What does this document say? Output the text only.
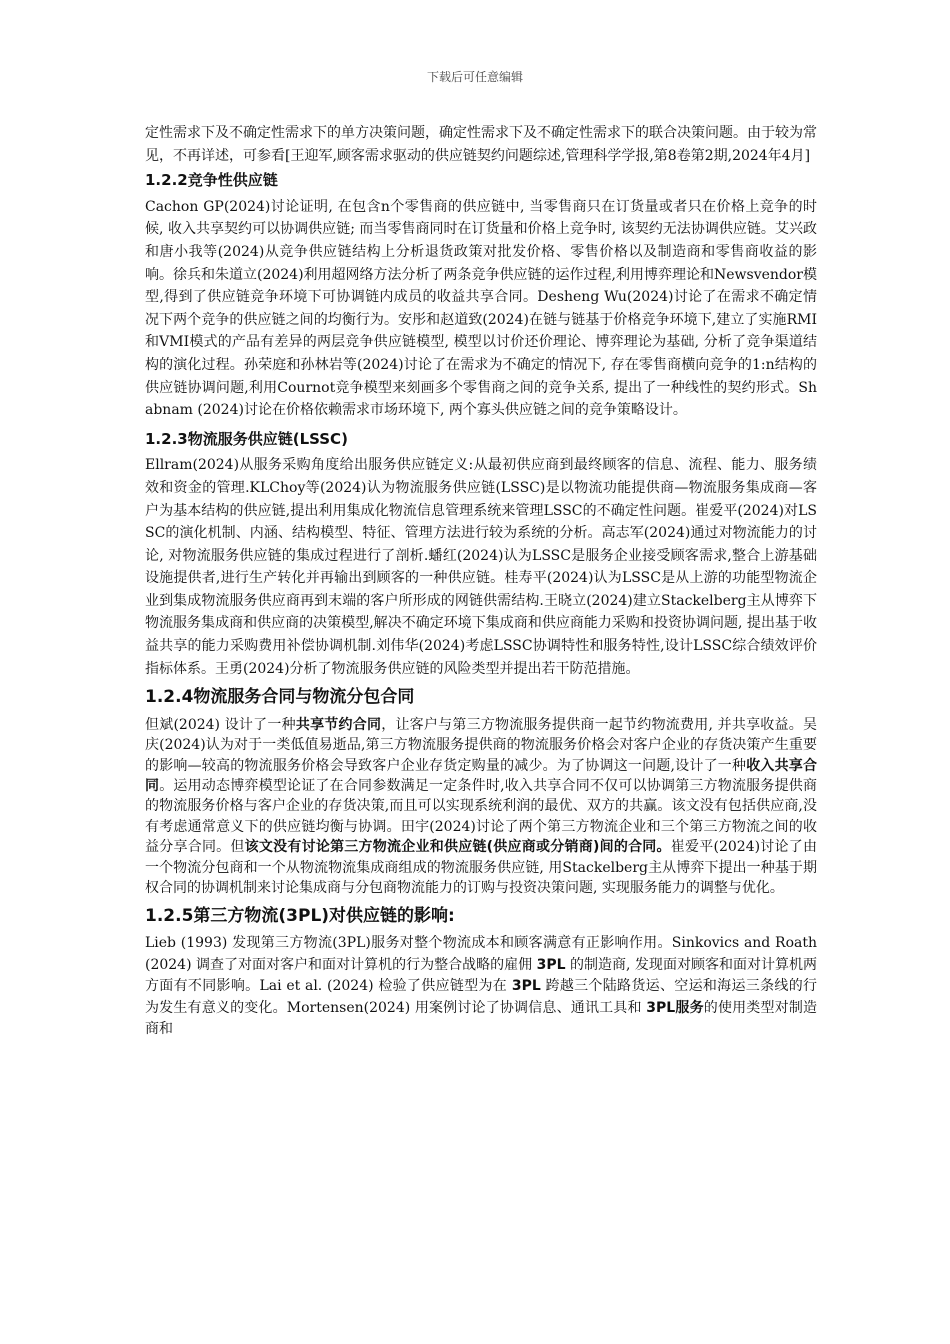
下载后可任意编辑

定性需求下及不确定性需求下的单方决策问题，确定性需求下及不确定性需求下的联合决策问题。由于较为常见，不再详述，可参看[王迎军,顾客需求驱动的供应链契约问题综述,管理科学学报,第8卷第2期,2024年4月]

1.2.2竞争性供应链

Cachon GP(2024)讨论证明, 在包含n个零售商的供应链中, 当零售商只在订货量或者只在价格上竞争的时候, 收入共享契约可以协调供应链; 而当零售商同时在订货量和价格上竞争时, 该契约无法协调供应链。艾兴政和唐小我等(2024)从竞争供应链结构上分析退货政策对批发价格、零售价格以及制造商和零售商收益的影响。徐兵和朱道立(2024)利用超网络方法分析了两条竞争供应链的运作过程,利用博弈理论和Newsvendor模型,得到了供应链竞争环境下可协调链内成员的收益共享合同。Desheng Wu(2024)讨论了在需求不确定情况下两个竞争的供应链之间的均衡行为。安彤和赵道致(2024)在链与链基于价格竞争环境下,建立了实施RMI和VMI模式的产品有差异的两层竞争供应链模型, 模型以讨价还价理论、博弈理论为基础, 分析了竞争渠道结构的演化过程。孙荣庭和孙林岩等(2024)讨论了在需求为不确定的情况下, 存在零售商横向竞争的1:n结构的供应链协调问题,利用Cournot竞争模型来刻画多个零售商之间的竞争关系, 提出了一种线性的契约形式。Shabnam (2024)讨论在价格依赖需求市场环境下, 两个寡头供应链之间的竞争策略设计。

1.2.3物流服务供应链(LSSC)

Ellram(2024)从服务采购角度给出服务供应链定义:从最初供应商到最终顾客的信息、流程、能力、服务绩效和资金的管理.KLChoy等(2024)认为物流服务供应链(LSSC)是以物流功能提供商—物流服务集成商—客户为基本结构的供应链,提出利用集成化物流信息管理系统来管理LSSC的不确定性问题。崔爱平(2024)对LSSC的演化机制、内涵、结构模型、特征、管理方法进行较为系统的分析。高志军(2024)通过对物流能力的讨论, 对物流服务供应链的集成过程进行了剖析.蟠红(2024)认为LSSC是服务企业接受顾客需求,整合上游基础设施提供者,进行生产转化并再输出到顾客的一种供应链。桂寿平(2024)认为LSSC是从上游的功能型物流企业到集成物流服务供应商再到末端的客户所形成的网链供需结构.王晓立(2024)建立Stackelberg主从博弈下物流服务集成商和供应商的决策模型,解决不确定环境下集成商和供应商能力采购和投资协调问题, 提出基于收益共享的能力采购费用补偿协调机制.刘伟华(2024)考虑LSSC协调特性和服务特性,设计LSSC综合绩效评价指标体系。王勇(2024)分析了物流服务供应链的风险类型并提出若干防范措施。

1.2.4物流服务合同与物流分包合同

但斌(2024) 设计了一种共享节约合同，让客户与第三方物流服务提供商一起节约物流费用, 并共享收益。吴庆(2024)认为对于一类低值易逝品,第三方物流服务提供商的物流服务价格会对客户企业的存货决策产生重要的影响—较高的物流服务价格会导致客户企业存货定购量的减少。为了协调这一问题,设计了一种收入共享合同。运用动态博弈模型论证了在合同参数满足一定条件时,收入共享合同不仅可以协调第三方物流服务提供商的物流服务价格与客户企业的存货决策,而且可以实现系统利润的最优、双方的共赢。该文没有包括供应商,没有考虑通常意义下的供应链均衡与协调。田宇(2024)讨论了两个第三方物流企业和三个第三方物流之间的收益分享合同。但该文没有讨论第三方物流企业和供应链(供应商或分销商)间的合同。崔爱平(2024)讨论了由一个物流分包商和一个从物流物流集成商组成的物流服务供应链, 用Stackelberg主从博弈下提出一种基于期权合同的协调机制来讨论集成商与分包商物流能力的订购与投资决策问题, 实现服务能力的调整与优化。

1.2.5第三方物流(3PL)对供应链的影响:

Lieb (1993) 发现第三方物流(3PL)服务对整个物流成本和顾客满意有正影响作用。Sinkovics and Roath (2024) 调查了对面对客户和面对计算机的行为整合战略的雇佣 3PL 的制造商, 发现面对顾客和面对计算机两方面有不同影响。Lai et al. (2024) 检验了供应链型为在 3PL 跨越三个陆路货运、空运和海运三条线的行为发生有意义的变化。Mortensen(2024) 用案例讨论了协调信息、通讯工具和 3PL服务的使用类型对制造商和
